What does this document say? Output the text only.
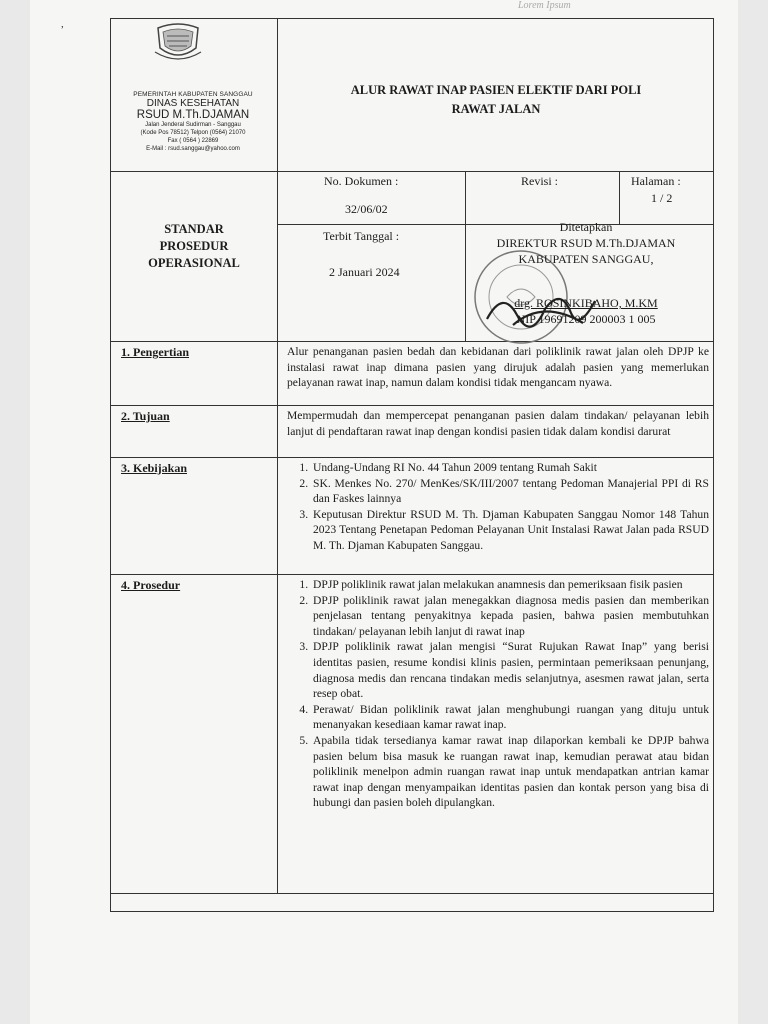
Lorem Ipsum
,
PEMERINTAH KABUPATEN SANGGAU
DINAS KESEHATAN
RSUD M.Th.DJAMAN
Jalan Jenderal Sudirman - Sanggau
(Kode Pos 78512) Telpon (0564) 21070
Fax ( 0564 ) 22869
E-Mail : rsud.sanggau@yahoo.com
ALUR RAWAT INAP PASIEN ELEKTIF DARI POLI
RAWAT JALAN
No. Dokumen :
32/06/02
Revisi :	Halaman :
1 / 2
STANDAR
PROSEDUR
OPERASIONAL
Terbit Tanggal :
2 Januari 2024
Ditetapkan
DIREKTUR RSUD M.Th.DJAMAN
KABUPATEN SANGGAU,
drg. ROSINKIBAHO, M.KM
NIP 19691209 200003 1 005
1. Pengertian	Alur penanganan pasien bedah dan kebidanan dari poliklinik rawat jalan oleh DPJP ke instalasi rawat inap dimana pasien yang dirujuk adalah pasien yang memerlukan pelayanan rawat inap, namun dalam kondisi tidak mengancam nyawa.
2. Tujuan	Mempermudah dan mempercepat penanganan pasien dalam tindakan/ pelayanan lebih lanjut di pendaftaran rawat inap dengan kondisi pasien tidak dalam kondisi darurat
3. Kebijakan	1. Undang-Undang RI No. 44 Tahun 2009 tentang Rumah Sakit
2. SK. Menkes No. 270/ MenKes/SK/III/2007 tentang Pedoman Manajerial PPI di RS dan Faskes lainnya
3. Keputusan Direktur RSUD M. Th. Djaman Kabupaten Sanggau Nomor 148 Tahun 2023 Tentang Penetapan Pedoman Pelayanan Unit Instalasi Rawat Jalan pada RSUD M. Th. Djaman Kabupaten Sanggau.
4. Prosedur	1. DPJP poliklinik rawat jalan melakukan anamnesis dan pemeriksaan fisik pasien
2. DPJP poliklinik rawat jalan menegakkan diagnosa medis pasien dan memberikan penjelasan tentang penyakitnya kepada pasien, bahwa pasien membutuhkan tindakan/ pelayanan lebih lanjut di rawat inap
3. DPJP poliklinik rawat jalan mengisi “Surat Rujukan Rawat Inap” yang berisi identitas pasien, resume kondisi klinis pasien, permintaan pemeriksaan penunjang, diagnosa medis dan rencana tindakan medis selanjutnya, asesmen rawat jalan, serta resep obat.
4. Perawat/ Bidan poliklinik rawat jalan menghubungi ruangan yang dituju untuk menanyakan kesediaan kamar rawat inap.
5. Apabila tidak tersedianya kamar rawat inap dilaporkan kembali ke DPJP bahwa pasien belum bisa masuk ke ruangan rawat inap, kemudian perawat atau bidan poliklinik menelpon admin ruangan rawat inap untuk mendapatkan antrian kamar rawat inap dengan menyampaikan identitas pasien dan kontak person yang bisa di hubungi dan pasien boleh dipulangkan.
